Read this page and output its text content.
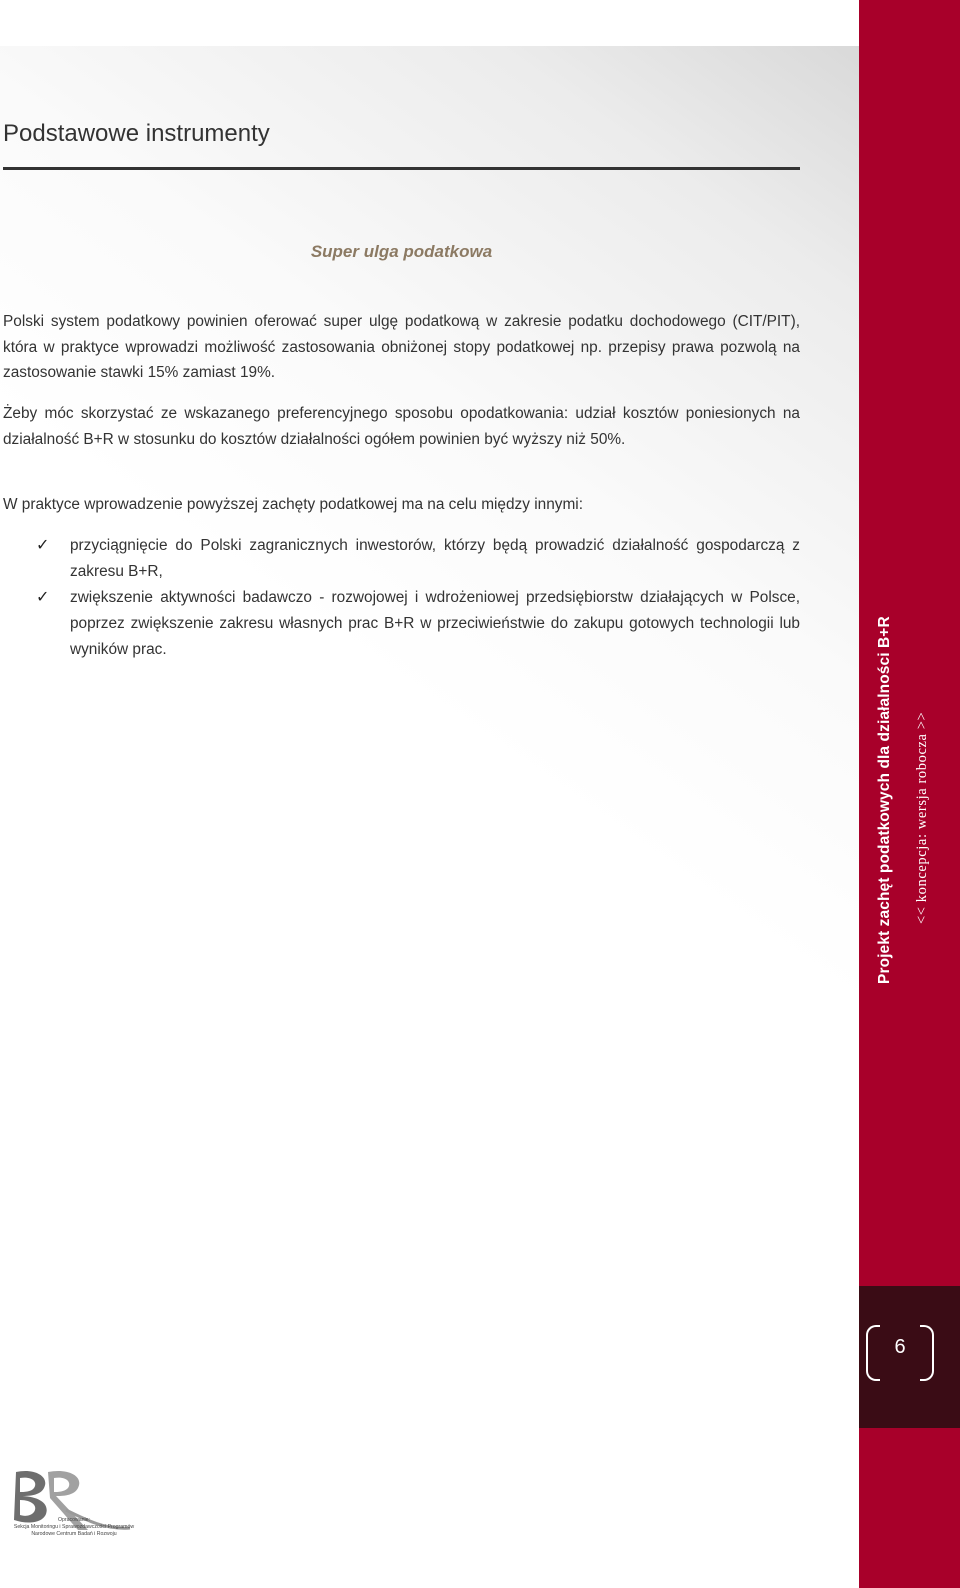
Podstawowe instrumenty
Super ulga podatkowa

Polski system podatkowy powinien oferować super ulgę podatkową w zakresie podatku dochodowego (CIT/PIT), która w praktyce wprowadzi możliwość zastosowania obniżonej stopy podatkowej np. przepisy prawa pozwolą na zastosowanie stawki 15% zamiast 19%.

Żeby móc skorzystać ze wskazanego preferencyjnego sposobu opodatkowania: udział kosztów poniesionych na działalność B+R w stosunku do kosztów działalności ogółem powinien być wyższy niż 50%.

W praktyce wprowadzenie powyższej zachęty podatkowej ma na celu między innymi:

✓ przyciągnięcie do Polski zagranicznych inwestorów, którzy będą prowadzić działalność gospodarczą z zakresu B+R,
✓ zwiększenie aktywności badawczo - rozwojowej i wdrożeniowej przedsiębiorstw działających w Polsce, poprzez zwiększenie zakresu własnych prac B+R w przeciwieństwie do zakupu gotowych technologii lub wyników prac.	Projekt zachęt podatkowych dla działalności B+R << koncepcja: wersja robocza >>
6
Opracowanie:
Sekcja Monitoringu i Sprawozdawczości Programów
Narodowe Centrum Badań i Rozwoju
